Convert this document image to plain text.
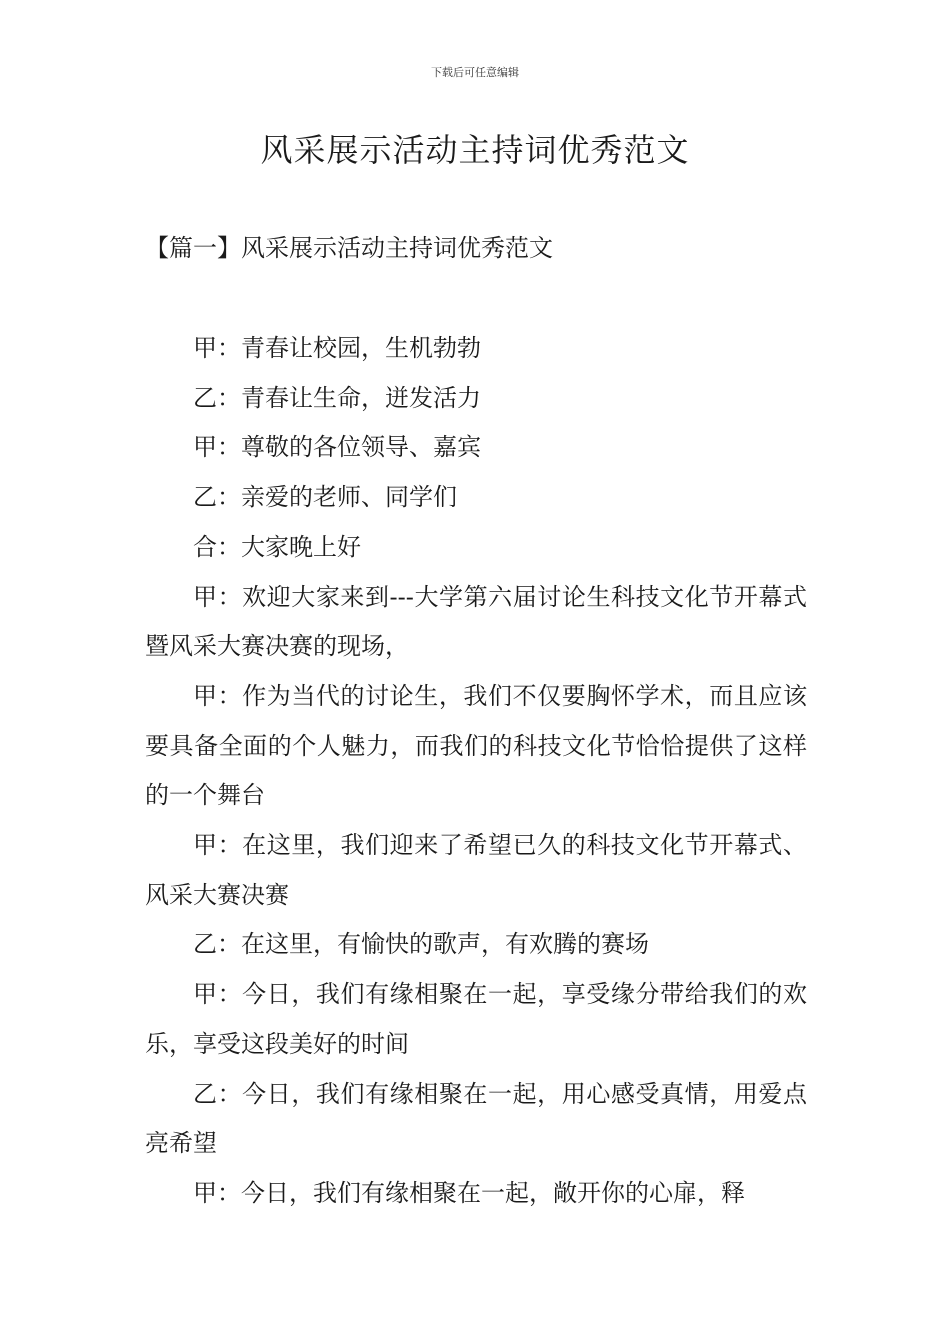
下载后可任意编辑
风采展示活动主持词优秀范文
【篇一】风采展示活动主持词优秀范文

甲：青春让校园，生机勃勃

乙：青春让生命，迸发活力

甲：尊敬的各位领导、嘉宾

乙：亲爱的老师、同学们

合：大家晚上好

甲：欢迎大家来到---大学第六届讨论生科技文化节开幕式暨风采大赛决赛的现场，

甲：作为当代的讨论生，我们不仅要胸怀学术，而且应该要具备全面的个人魅力，而我们的科技文化节恰恰提供了这样的一个舞台

甲：在这里，我们迎来了希望已久的科技文化节开幕式、风采大赛决赛

乙：在这里，有愉快的歌声，有欢腾的赛场

甲：今日，我们有缘相聚在一起，享受缘分带给我们的欢乐，享受这段美好的时间

乙：今日，我们有缘相聚在一起，用心感受真情，用爱点亮希望

甲：今日，我们有缘相聚在一起，敞开你的心扉，释
